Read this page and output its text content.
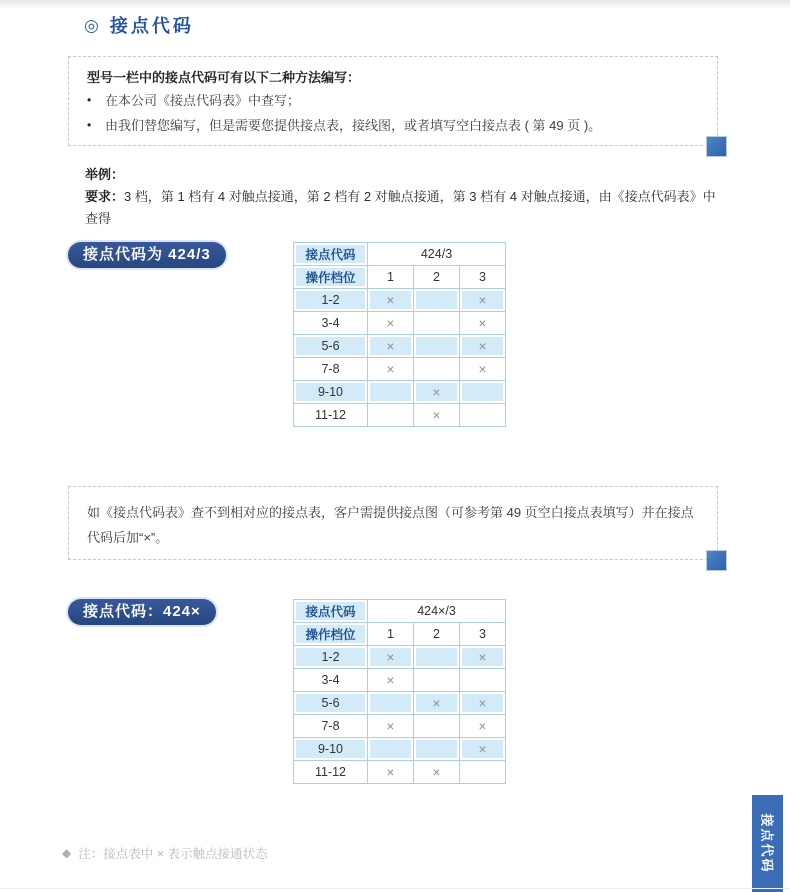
◎ 接点代码
型号一栏中的接点代码可有以下二种方法编写：
•	在本公司《接点代码表》中查写；
•	由我们替您编写，但是需要您提供接点表，接线图，或者填写空白接点表 ( 第 49 页 )。
举例：
要求：3 档，第 1 档有 4 对触点接通，第 2 档有 2 对触点接通，第 3 档有 4 对触点接通，由《接点代码表》中查得
接点代码为 424/3	接点代码	424/3		
操作档位	1	2	3
1-2	×		×
3-4	×		×
5-6	×		×
7-8	×		×
9-10		×	
11-12		×	
如《接点代码表》查不到相对应的接点表，客户需提供接点图（可参考第 49 页空白接点表填写）并在接点代码后加“×”。
接点代码：424×	接点代码	424×/3		
操作档位	1	2	3
1-2	×		×
3-4	×		
5-6		×	×
7-8	×		×
9-10			×
11-12	×	×	
◆ 注：接点表中 × 表示触点接通状态	接点代码
